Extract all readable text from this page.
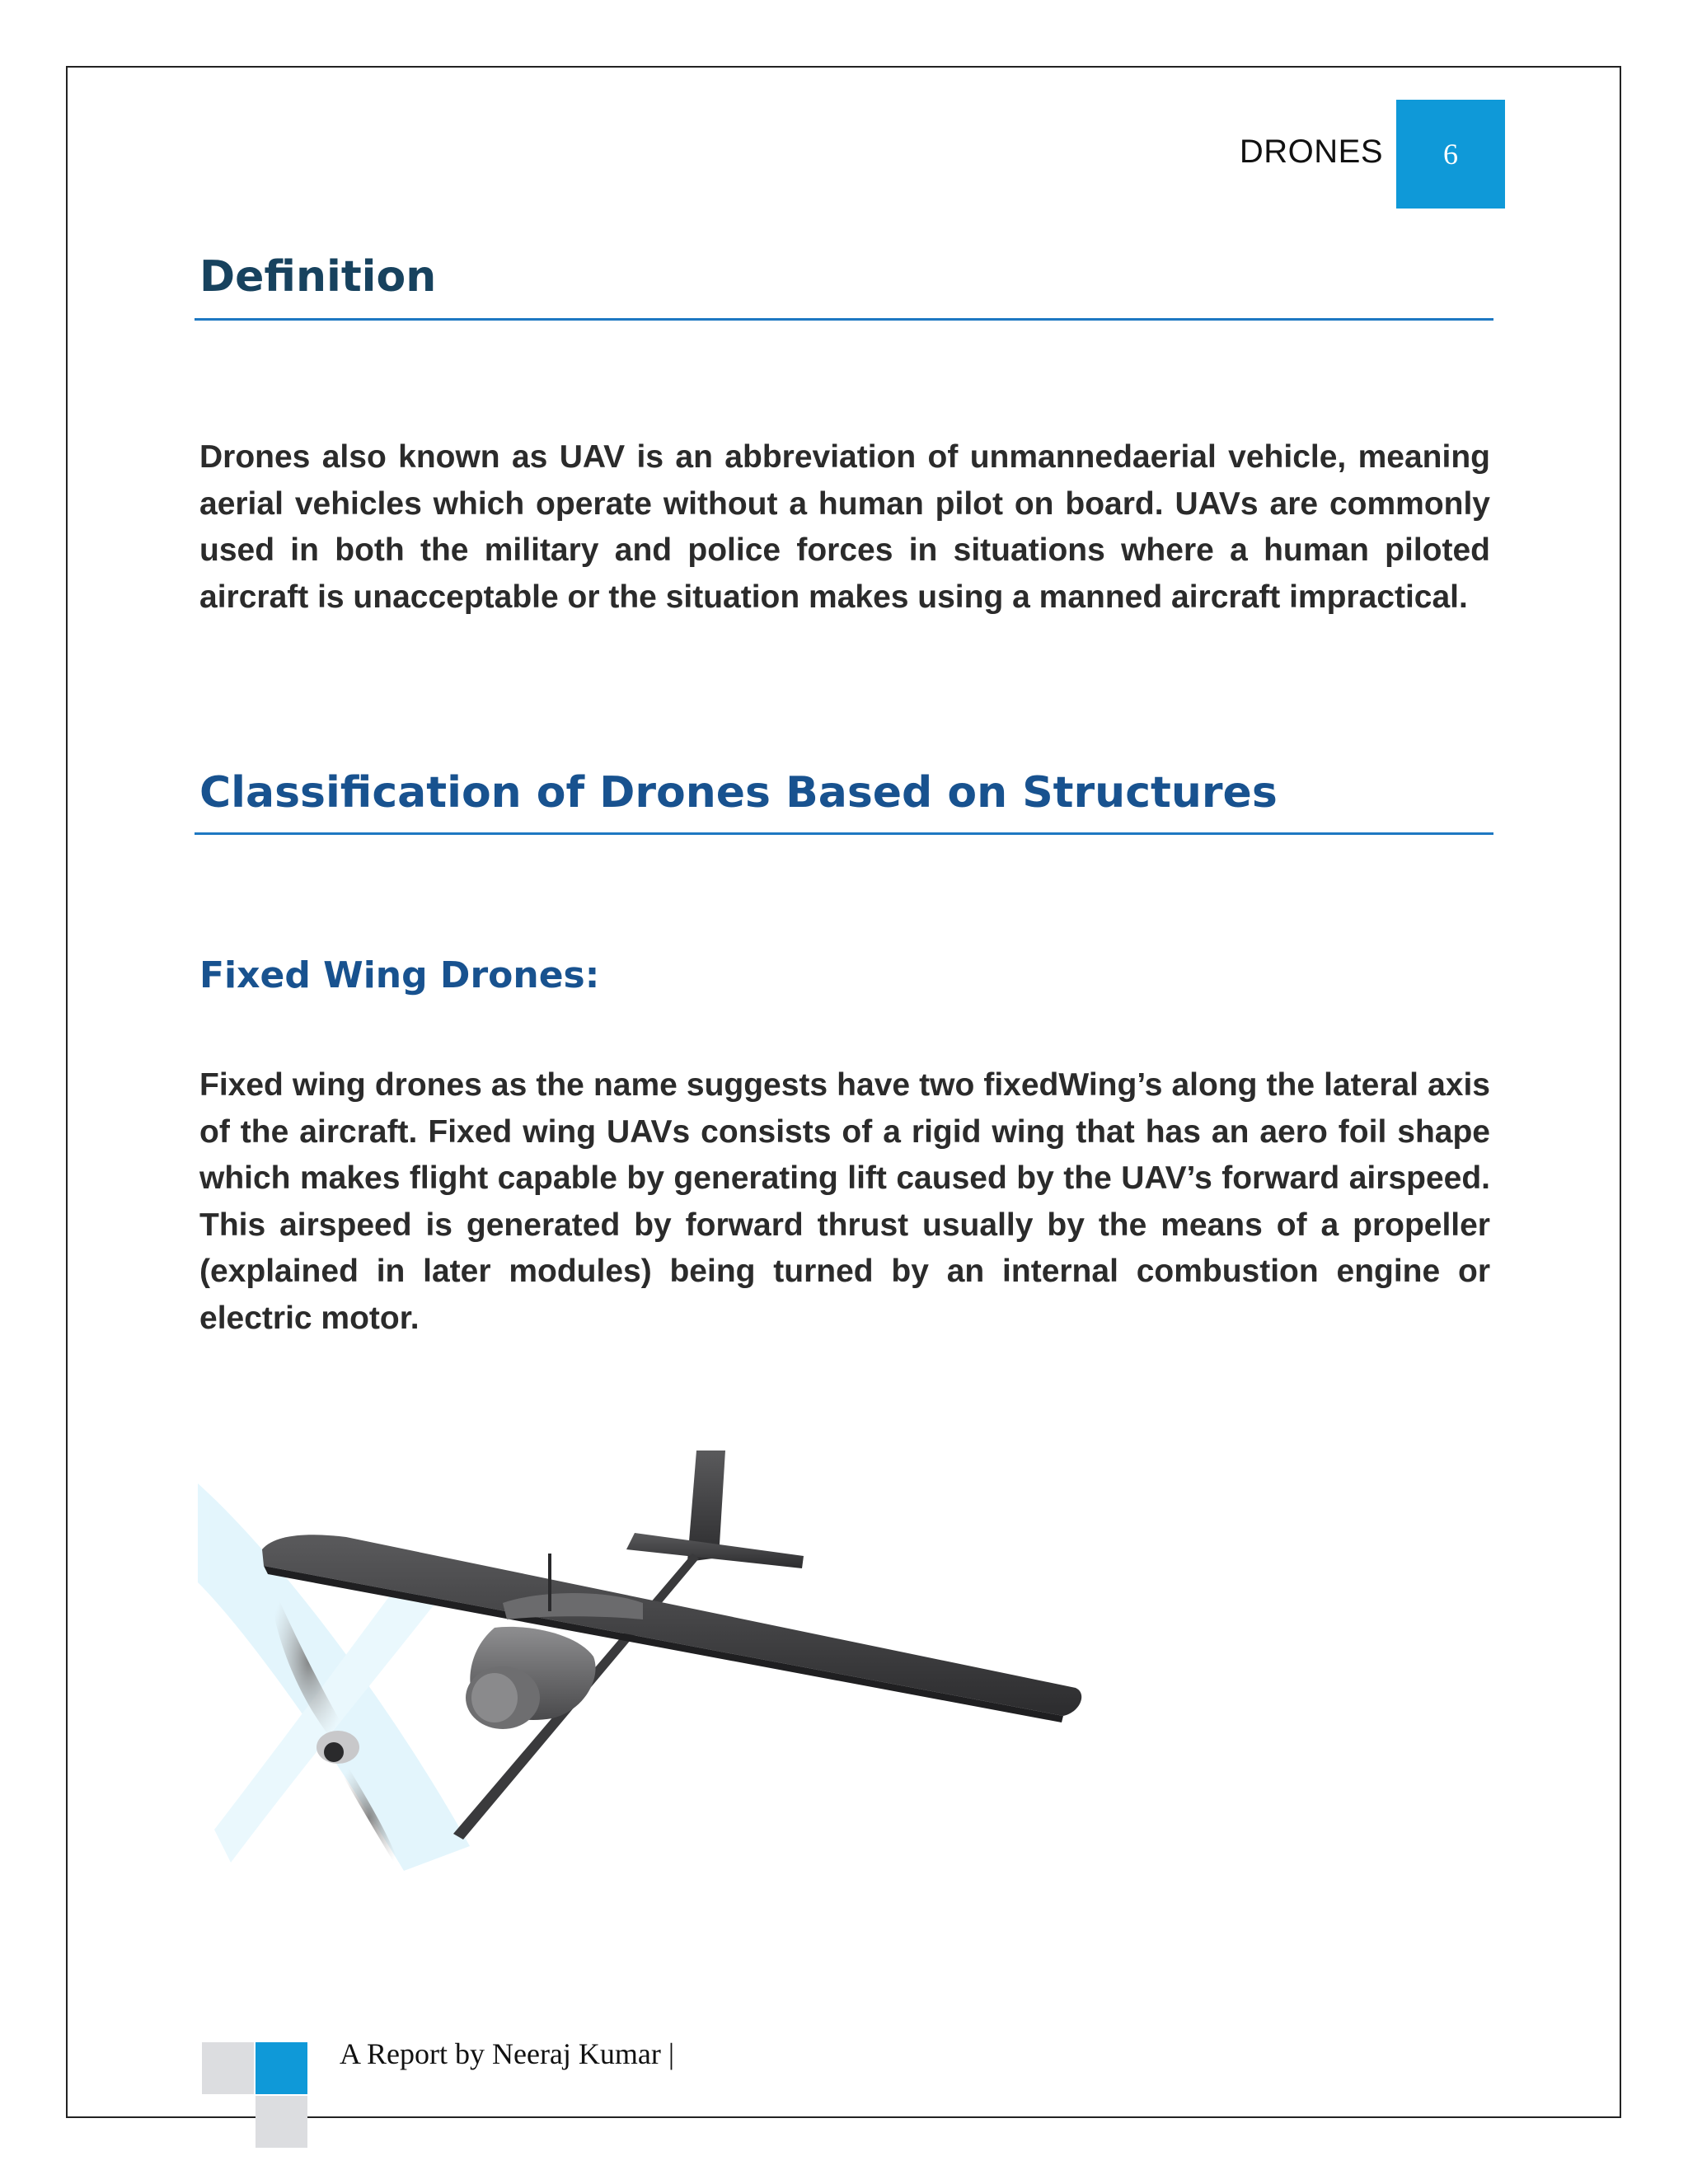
DRONES 6
Definition

Drones also known as UAV is an abbreviation of unmannedaerial vehicle, meaning aerial vehicles which operate without a human pilot on board. UAVs are commonly used in both the military and police forces in situations where a human piloted aircraft is unacceptable or the situation makes using a manned aircraft impractical.

Classification of Drones Based on Structures
Fixed Wing Drones:

Fixed wing drones as the name suggests have two fixedWing’s along the lateral axis of the aircraft. Fixed wing UAVs consists of a rigid wing that has an aero foil shape which makes flight capable by generating lift caused by the UAV’s forward airspeed. This airspeed is generated by forward thrust usually by the means of a propeller (explained in later modules) being turned by an internal combustion engine or electric motor.

A Report by Neeraj Kumar |
